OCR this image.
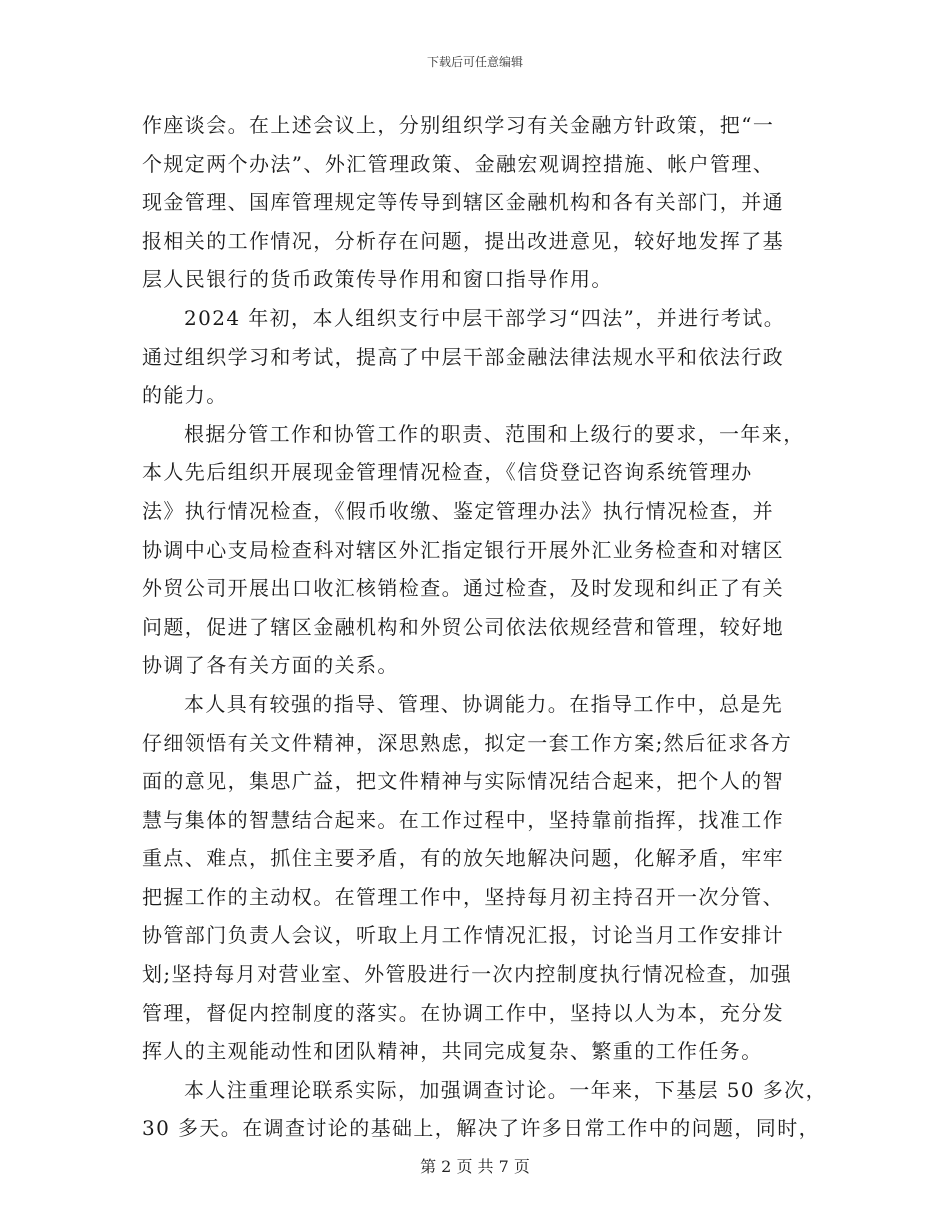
下载后可任意编辑
作座谈会。在上述会议上，分别组织学习有关金融方针政策，把“一
个规定两个办法”、外汇管理政策、金融宏观调控措施、帐户管理、
现金管理、国库管理规定等传导到辖区金融机构和各有关部门，并通
报相关的工作情况，分析存在问题，提出改进意见，较好地发挥了基
层人民银行的货币政策传导作用和窗口指导作用。
2024 年初，本人组织支行中层干部学习“四法”，并进行考试。
通过组织学习和考试，提高了中层干部金融法律法规水平和依法行政
的能力。
根据分管工作和协管工作的职责、范围和上级行的要求，一年来，
本人先后组织开展现金管理情况检查，《信贷登记咨询系统管理办
法》执行情况检查，《假币收缴、鉴定管理办法》执行情况检查，并
协调中心支局检查科对辖区外汇指定银行开展外汇业务检查和对辖区
外贸公司开展出口收汇核销检查。通过检查，及时发现和纠正了有关
问题，促进了辖区金融机构和外贸公司依法依规经营和管理，较好地
协调了各有关方面的关系。
本人具有较强的指导、管理、协调能力。在指导工作中，总是先
仔细领悟有关文件精神，深思熟虑，拟定一套工作方案;然后征求各方
面的意见，集思广益，把文件精神与实际情况结合起来，把个人的智
慧与集体的智慧结合起来。在工作过程中，坚持靠前指挥，找准工作
重点、难点，抓住主要矛盾，有的放矢地解决问题，化解矛盾，牢牢
把握工作的主动权。在管理工作中，坚持每月初主持召开一次分管、
协管部门负责人会议，听取上月工作情况汇报，讨论当月工作安排计
划;坚持每月对营业室、外管股进行一次内控制度执行情况检查，加强
管理，督促内控制度的落实。在协调工作中，坚持以人为本，充分发
挥人的主观能动性和团队精神，共同完成复杂、繁重的工作任务。
本人注重理论联系实际，加强调查讨论。一年来，下基层 50 多次，
30 多天。在调查讨论的基础上，解决了许多日常工作中的问题，同时，
第 2 页 共 7 页
